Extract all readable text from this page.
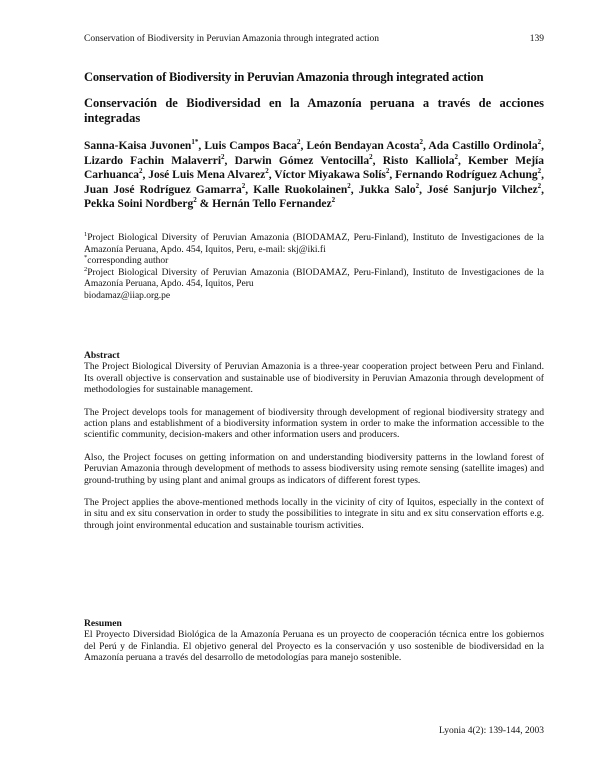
Conservation of Biodiversity in Peruvian Amazonia through integrated action	139
Conservation of Biodiversity in Peruvian Amazonia through integrated action
Conservación de Biodiversidad en la Amazonía peruana a través de acciones integradas
Sanna-Kaisa Juvonen$^{1*}$, Luis Campos Baca$^2$, León Bendayan Acosta$^2$, Ada Castillo Ordinola$^2$, Lizardo Fachin Malaverri$^2$, Darwin Gómez Ventocilla$^2$, Risto Kalliola$^2$, Kember Mejía Carhuanca$^2$, José Luis Mena Alvarez$^2$, Víctor Miyakawa Solís$^2$, Fernando Rodríguez Achung$^2$, Juan José Rodríguez Gamarra$^2$, Kalle Ruokolainen$^2$, Jukka Salo$^2$, José Sanjurjo Vilchez$^2$, Pekka Soini Nordberg$^2$ & Hernán Tello Fernandez$^2$

$^1$Project Biological Diversity of Peruvian Amazonia (BIODAMAZ, Peru-Finland), Instituto de Investigaciones de la Amazonía Peruana, Apdo. 454, Iquitos, Peru, e-mail: skj@iki.fi

*corresponding author

$^2$Project Biological Diversity of Peruvian Amazonia (BIODAMAZ, Peru-Finland), Instituto de Investigaciones de la Amazonía Peruana, Apdo. 454, Iquitos, Peru

biodamaz@iiap.org.pe

Abstract

The Project Biological Diversity of Peruvian Amazonia is a three-year cooperation project between Peru and Finland. Its overall objective is conservation and sustainable use of biodiversity in Peruvian Amazonia through development of methodologies for sustainable management.

The Project develops tools for management of biodiversity through development of regional biodiversity strategy and action plans and establishment of a biodiversity information system in order to make the information accessible to the scientific community, decision-makers and other information users and producers.

Also, the Project focuses on getting information on and understanding biodiversity patterns in the lowland forest of Peruvian Amazonia through development of methods to assess biodiversity using remote sensing (satellite images) and ground-truthing by using plant and animal groups as indicators of different forest types.

The Project applies the above-mentioned methods locally in the vicinity of city of Iquitos, especially in the context of in situ and ex situ conservation in order to study the possibilities to integrate in situ and ex situ conservation efforts e.g. through joint environmental education and sustainable tourism activities.

Resumen

El Proyecto Diversidad Biológica de la Amazonía Peruana es un proyecto de cooperación técnica entre los gobiernos del Perú y de Finlandia. El objetivo general del Proyecto es la conservación y uso sostenible de biodiversidad en la Amazonía peruana a través del desarrollo de metodologías para manejo sostenible.

Lyonia 4(2): 139-144, 2003
